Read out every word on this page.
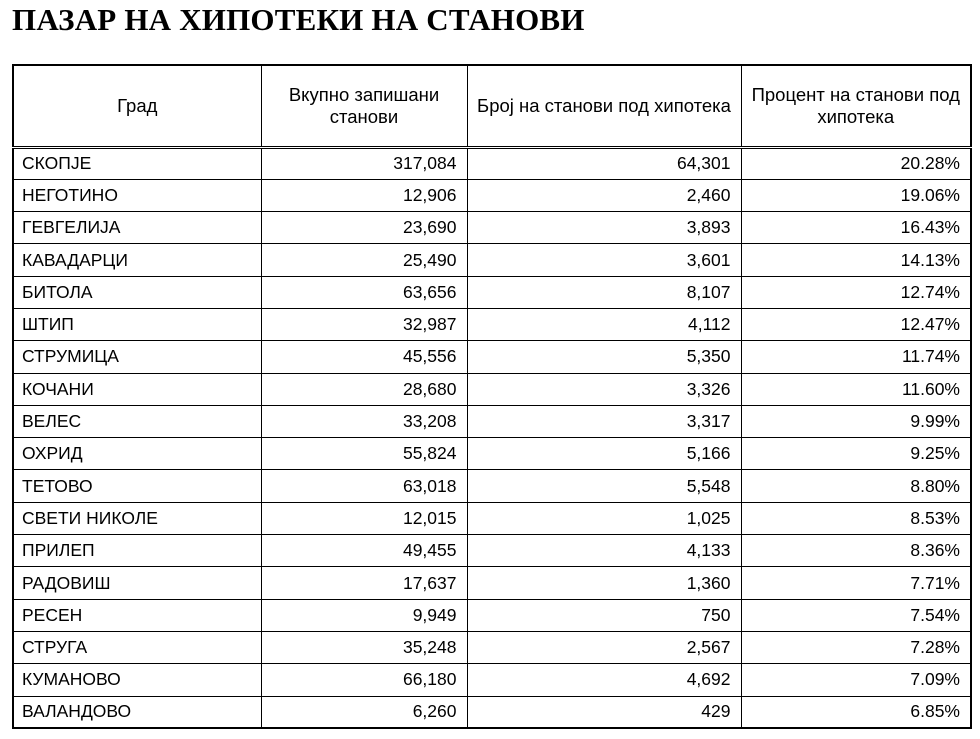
ПАЗАР НА ХИПОТЕКИ НА СТАНОВИ
Град	Вкупно запишани станови	Број на станови под хипотека	Процент на станови под хипотека
СКОПЈЕ	317,084	64,301	20.28%
НЕГОТИНО	12,906	2,460	19.06%
ГЕВГЕЛИЈА	23,690	3,893	16.43%
КАВАДАРЦИ	25,490	3,601	14.13%
БИТОЛА	63,656	8,107	12.74%
ШТИП	32,987	4,112	12.47%
СТРУМИЦА	45,556	5,350	11.74%
КОЧАНИ	28,680	3,326	11.60%
ВЕЛЕС	33,208	3,317	9.99%
ОХРИД	55,824	5,166	9.25%
ТЕТОВО	63,018	5,548	8.80%
СВЕТИ НИКОЛЕ	12,015	1,025	8.53%
ПРИЛЕП	49,455	4,133	8.36%
РАДОВИШ	17,637	1,360	7.71%
РЕСЕН	9,949	750	7.54%
СТРУГА	35,248	2,567	7.28%
КУМАНОВО	66,180	4,692	7.09%
ВАЛАНДОВО	6,260	429	6.85%
